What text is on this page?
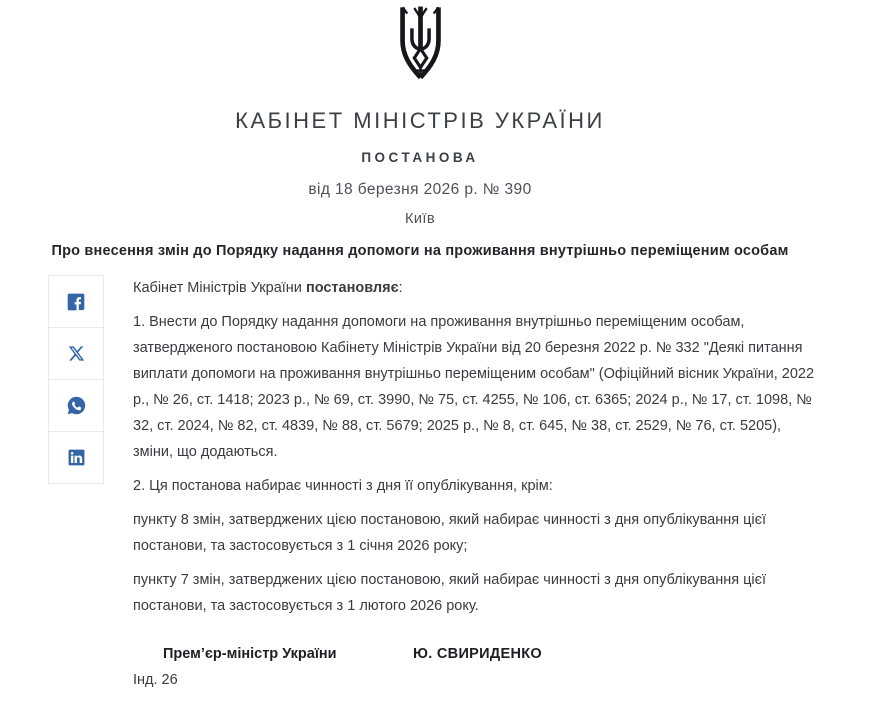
КАБІНЕТ МІНІСТРІВ УКРАЇНИ
ПОСТАНОВА
від 18 березня 2026 р. № 390
Київ
Про внесення змін до Порядку надання допомоги на проживання внутрішньо переміщеним особам

Кабінет Міністрів України постановляє:

1. Внести до Порядку надання допомоги на проживання внутрішньо переміщеним особам, затвердженого постановою Кабінету Міністрів України від 20 березня 2022 р. № 332 "Деякі питання виплати допомоги на проживання внутрішньо переміщеним особам" (Офіційний вісник України, 2022 р., № 26, ст. 1418; 2023 р., № 69, ст. 3990, № 75, ст. 4255, № 106, ст. 6365; 2024 р., № 17, ст. 1098, № 32, ст. 2024, № 82, ст. 4839, № 88, ст. 5679; 2025 р., № 8, ст. 645, № 38, ст. 2529, № 76, ст. 5205), зміни, що додаються.

2. Ця постанова набирає чинності з дня її опублікування, крім:

пункту 8 змін, затверджених цією постановою, який набирає чинності з дня опублікування цієї постанови, та застосовується з 1 січня 2026 року;

пункту 7 змін, затверджених цією постановою, який набирає чинності з дня опублікування цієї постанови, та застосовується з 1 лютого 2026 року.

Прем’єр-міністр України	Ю. СВИРИДЕНКО

Інд. 26
